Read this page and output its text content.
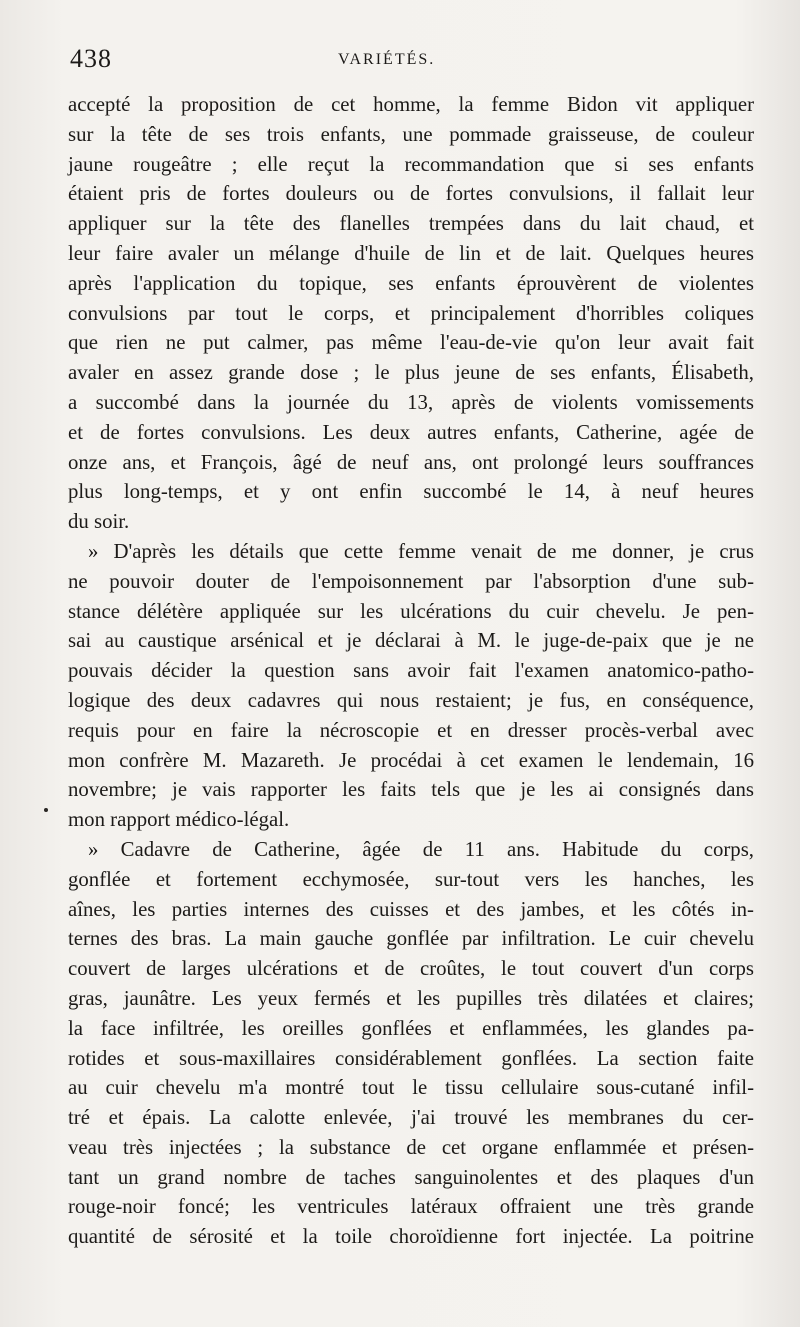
438	VARIÉTÉS.
accepté la proposition de cet homme, la femme Bidon vit appliquer
sur la tête de ses trois enfants, une pommade graisseuse, de couleur
jaune rougeâtre ; elle reçut la recommandation que si ses enfants
étaient pris de fortes douleurs ou de fortes convulsions, il fallait leur
appliquer sur la tête des flanelles trempées dans du lait chaud, et
leur faire avaler un mélange d'huile de lin et de lait. Quelques heures
après l'application du topique, ses enfants éprouvèrent de violentes
convulsions par tout le corps, et principalement d'horribles coliques
que rien ne put calmer, pas même l'eau-de-vie qu'on leur avait fait
avaler en assez grande dose ; le plus jeune de ses enfants, Élisabeth,
a succombé dans la journée du 13, après de violents vomissements
et de fortes convulsions. Les deux autres enfants, Catherine, agée de
onze ans, et François, âgé de neuf ans, ont prolongé leurs souffrances
plus long-temps, et y ont enfin succombé le 14, à neuf heures
du soir.
» D'après les détails que cette femme venait de me donner, je crus
ne pouvoir douter de l'empoisonnement par l'absorption d'une sub-
stance délétère appliquée sur les ulcérations du cuir chevelu. Je pen-
sai au caustique arsénical et je déclarai à M. le juge-de-paix que je ne
pouvais décider la question sans avoir fait l'examen anatomico-patho-
logique des deux cadavres qui nous restaient; je fus, en conséquence,
requis pour en faire la nécroscopie et en dresser procès-verbal avec
mon confrère M. Mazareth. Je procédai à cet examen le lendemain, 16
novembre; je vais rapporter les faits tels que je les ai consignés dans
mon rapport médico-légal.
» Cadavre de Catherine, âgée de 11 ans. Habitude du corps,
gonflée et fortement ecchymosée, sur-tout vers les hanches, les
aînes, les parties internes des cuisses et des jambes, et les côtés in-
ternes des bras. La main gauche gonflée par infiltration. Le cuir chevelu
couvert de larges ulcérations et de croûtes, le tout couvert d'un corps
gras, jaunâtre. Les yeux fermés et les pupilles très dilatées et claires;
la face infiltrée, les oreilles gonflées et enflammées, les glandes pa-
rotides et sous-maxillaires considérablement gonflées. La section faite
au cuir chevelu m'a montré tout le tissu cellulaire sous-cutané infil-
tré et épais. La calotte enlevée, j'ai trouvé les membranes du cer-
veau très injectées ; la substance de cet organe enflammée et présen-
tant un grand nombre de taches sanguinolentes et des plaques d'un
rouge-noir foncé; les ventricules latéraux offraient une très grande
quantité de sérosité et la toile choroïdienne fort injectée. La poitrine
